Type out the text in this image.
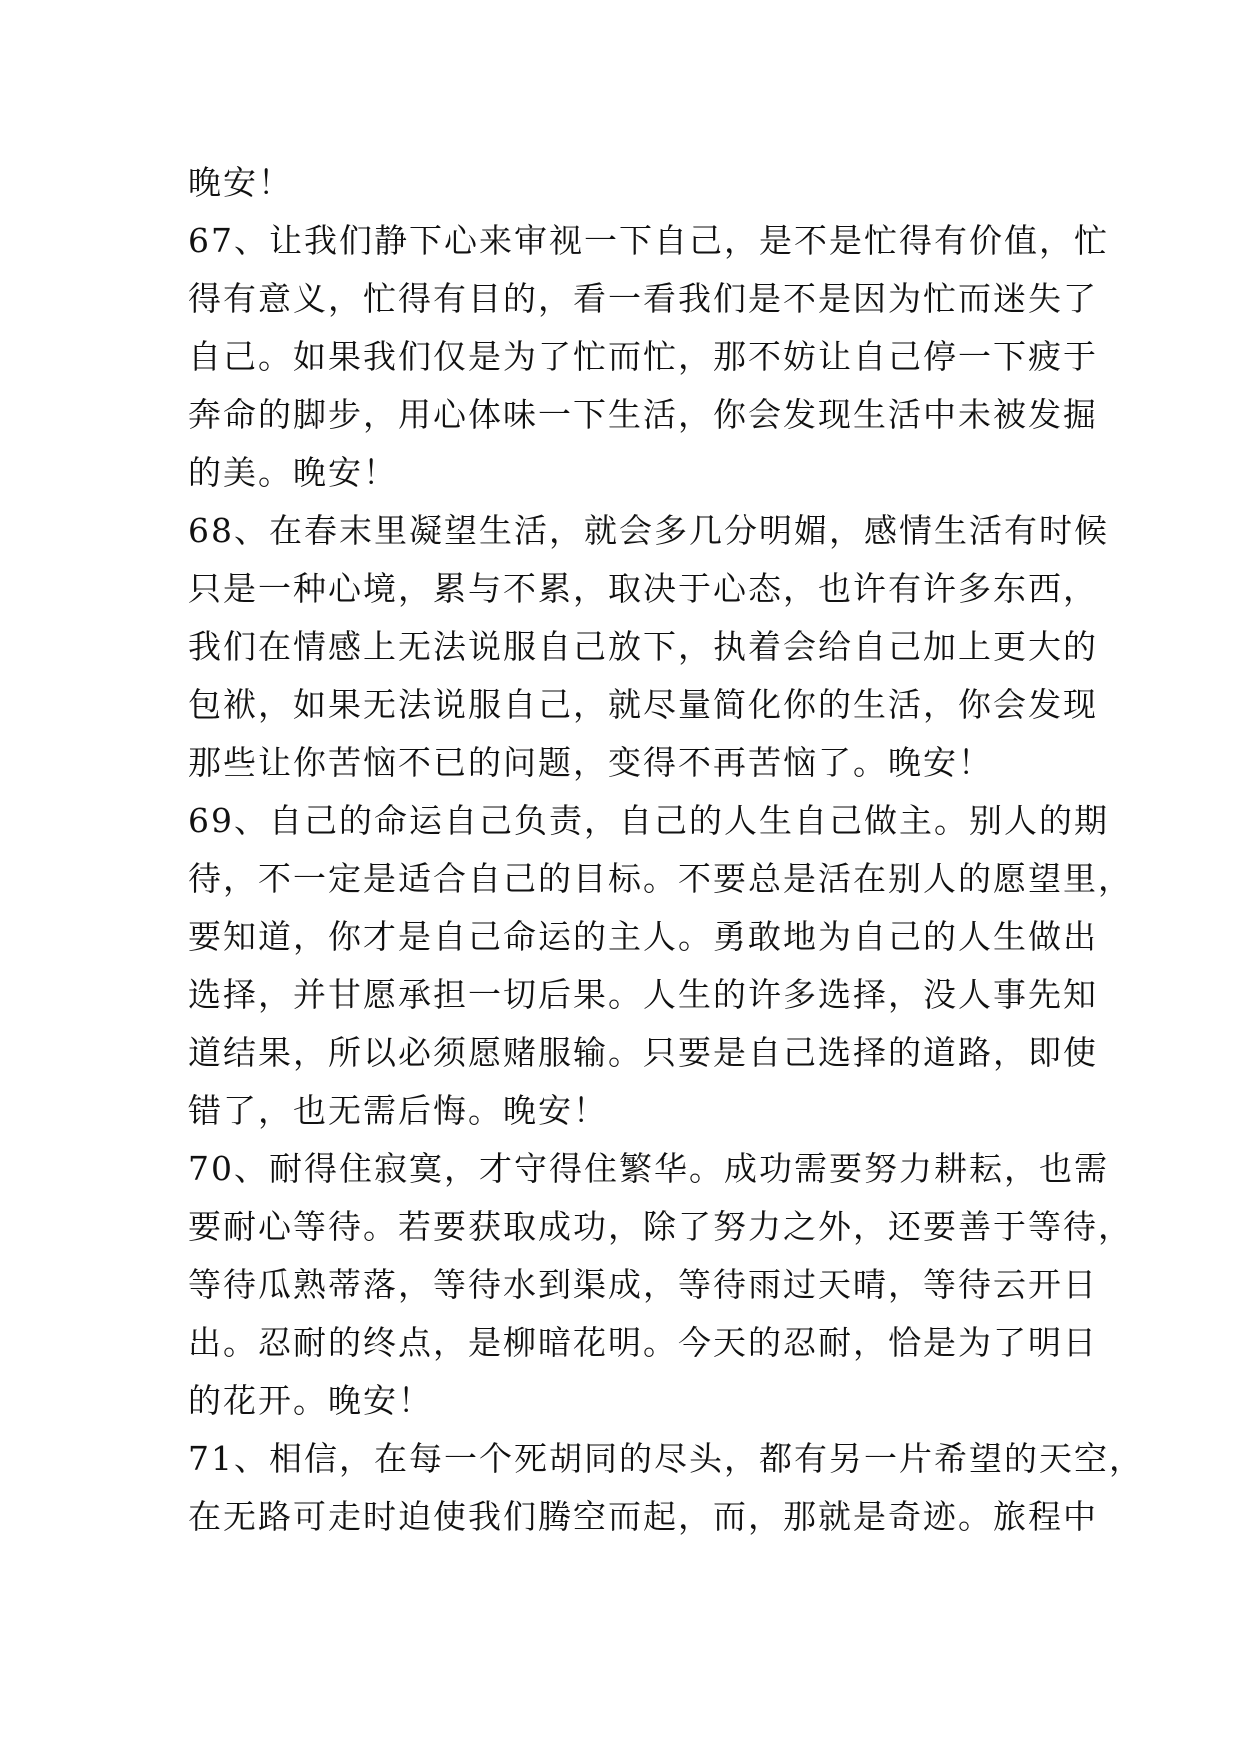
晚安！
67、让我们静下心来审视一下自己，是不是忙得有价值，忙
得有意义，忙得有目的，看一看我们是不是因为忙而迷失了
自己。如果我们仅是为了忙而忙，那不妨让自己停一下疲于
奔命的脚步，用心体味一下生活，你会发现生活中未被发掘
的美。晚安！
68、在春末里凝望生活，就会多几分明媚，感情生活有时候
只是一种心境，累与不累，取决于心态，也许有许多东西，
我们在情感上无法说服自己放下，执着会给自己加上更大的
包袱，如果无法说服自己，就尽量简化你的生活，你会发现
那些让你苦恼不已的问题，变得不再苦恼了。晚安！
69、自己的命运自己负责，自己的人生自己做主。别人的期
待，不一定是适合自己的目标。不要总是活在别人的愿望里，
要知道，你才是自己命运的主人。勇敢地为自己的人生做出
选择，并甘愿承担一切后果。人生的许多选择，没人事先知
道结果，所以必须愿赌服输。只要是自己选择的道路，即使
错了，也无需后悔。晚安！
70、耐得住寂寞，才守得住繁华。成功需要努力耕耘，也需
要耐心等待。若要获取成功，除了努力之外，还要善于等待，
等待瓜熟蒂落，等待水到渠成，等待雨过天晴，等待云开日
出。忍耐的终点，是柳暗花明。今天的忍耐，恰是为了明日
的花开。晚安！
71、相信，在每一个死胡同的尽头，都有另一片希望的天空，
在无路可走时迫使我们腾空而起，而，那就是奇迹。旅程中
